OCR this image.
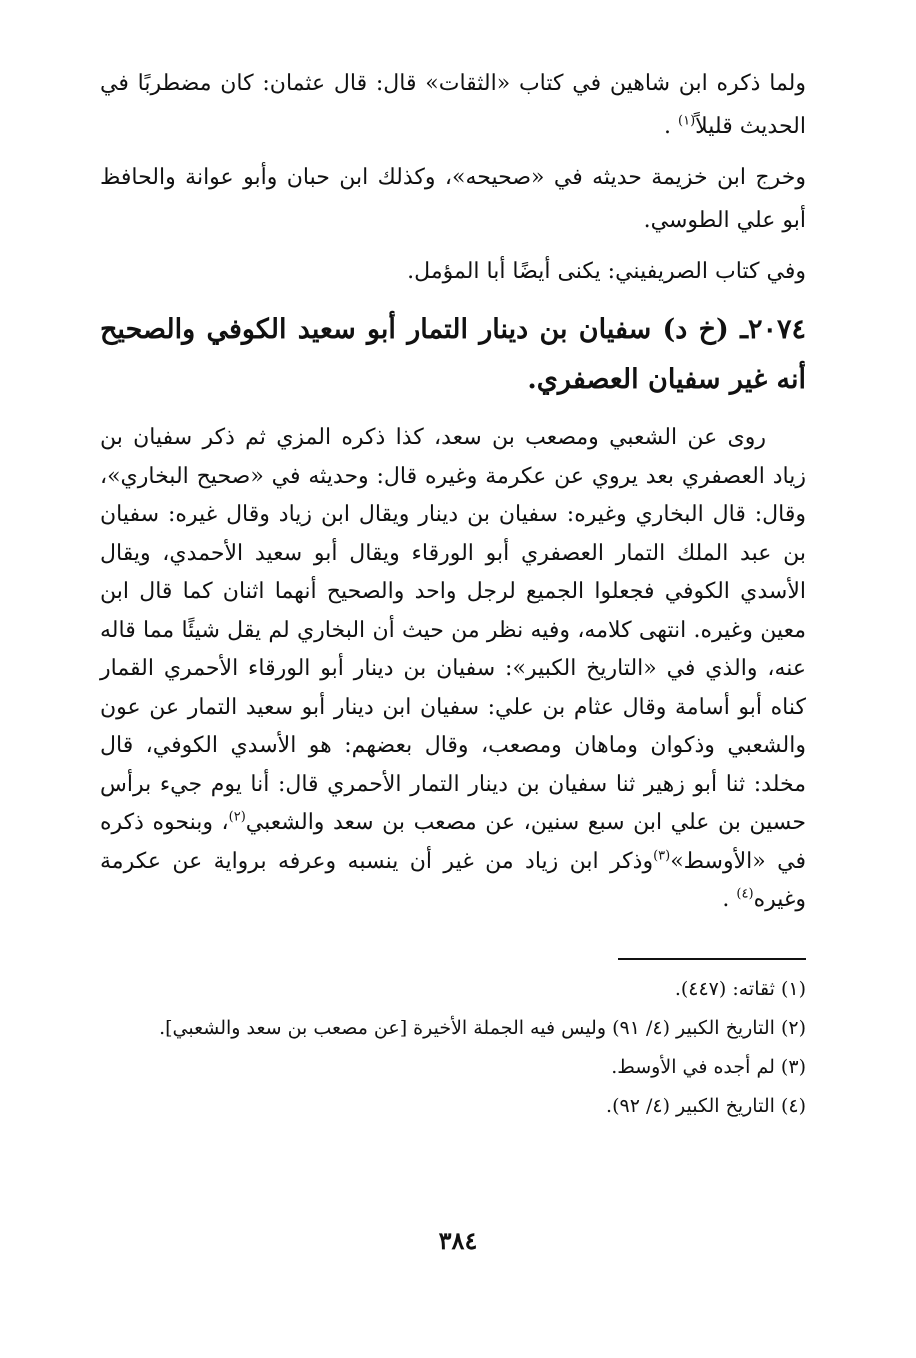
ولما ذكره ابن شاهين في كتاب «الثقات» قال: قال عثمان: كان مضطربًا في الحديث قليلاً$^{(١)}$ .

وخرج ابن خزيمة حديثه في «صحيحه»، وكذلك ابن حبان وأبو عوانة والحافظ أبو علي الطوسي.

وفي كتاب الصريفيني: يكنى أيضًا أبا المؤمل.

٢٠٧٤ـ (خ د) سفيان بن دينار التمار أبو سعيد الكوفي والصحيح أنه غير سفيان العصفري.

روى عن الشعبي ومصعب بن سعد، كذا ذكره المزي ثم ذكر سفيان بن زياد العصفري بعد يروي عن عكرمة وغيره قال: وحديثه في «صحيح البخاري»، وقال: قال البخاري وغيره: سفيان بن دينار ويقال ابن زياد وقال غيره: سفيان بن عبد الملك التمار العصفري أبو الورقاء ويقال أبو سعيد الأحمدي، ويقال الأسدي الكوفي فجعلوا الجميع لرجل واحد والصحيح أنهما اثنان كما قال ابن معين وغيره. انتهى كلامه، وفيه نظر من حيث أن البخاري لم يقل شيئًا مما قاله عنه، والذي في «التاريخ الكبير»: سفيان بن دينار أبو الورقاء الأحمري القمار كناه أبو أسامة وقال عثام بن علي: سفيان ابن دينار أبو سعيد التمار عن عون والشعبي وذكوان وماهان ومصعب، وقال بعضهم: هو الأسدي الكوفي، قال مخلد: ثنا أبو زهير ثنا سفيان بن دينار التمار الأحمري قال: أنا يوم جيء برأس حسين بن علي ابن سبع سنين، عن مصعب بن سعد والشعبي$^{(٢)}$، وبنحوه ذكره في «الأوسط»$^{(٣)}$وذكر ابن زياد من غير أن ينسبه وعرفه برواية عن عكرمة وغيره$^{(٤)}$ .

(١) ثقاته: (٤٤٧).
(٢) التاريخ الكبير (٤/ ٩١) وليس فيه الجملة الأخيرة [عن مصعب بن سعد والشعبي].
(٣) لم أجده في الأوسط.
(٤) التاريخ الكبير (٤/ ٩٢).
٣٨٤
